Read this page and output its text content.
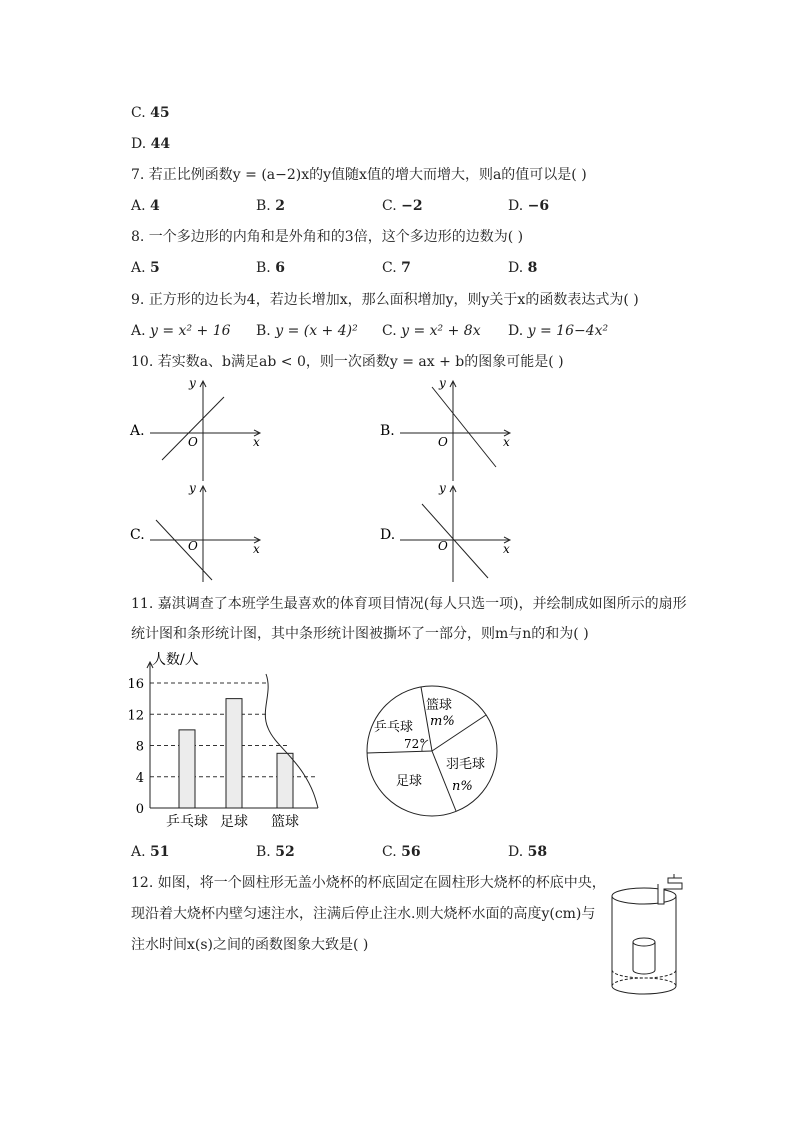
C. 45
D. 44
7. 若正比例函数y = (a−2)x的y值随x值的增大而增大，则a的值可以是( )
A. 4	B. 2	C. −2	D. −6
8. 一个多边形的内角和是外角和的3倍，这个多边形的边数为( )
A. 5	B. 6	C. 7	D. 8
9. 正方形的边长为4，若边长增加x，那么面积增加y，则y关于x的函数表达式为( )
A. y = x² + 16 B. y = (x + 4)² C. y = x² + 8x D. y = 16−4x²
10. 若实数a、b满足ab < 0，则一次函数y = ax + b的图象可能是( )
A.
y
x
O
B.
y
x
O
C.
y
x
O
D.
y
x
O
11. 嘉淇调查了本班学生最喜欢的体育项目情况(每人只选一项)，并绘制成如图所示的扇形
统计图和条形统计图，其中条形统计图被撕坏了一部分，则m与n的和为( )
人数/人
0
4
8
12
16
乒乓球 足球 篮球
篮球
m%
乒乓球
72°
羽毛球
n%
足球
A. 51	B. 52	C. 56	D. 58
12. 如图，将一个圆柱形无盖小烧杯的杯底固定在圆柱形大烧杯的杯底中央，
现沿着大烧杯内壁匀速注水，注满后停止注水.则大烧杯水面的高度y(cm)与
注水时间x(s)之间的函数图象大致是( )
